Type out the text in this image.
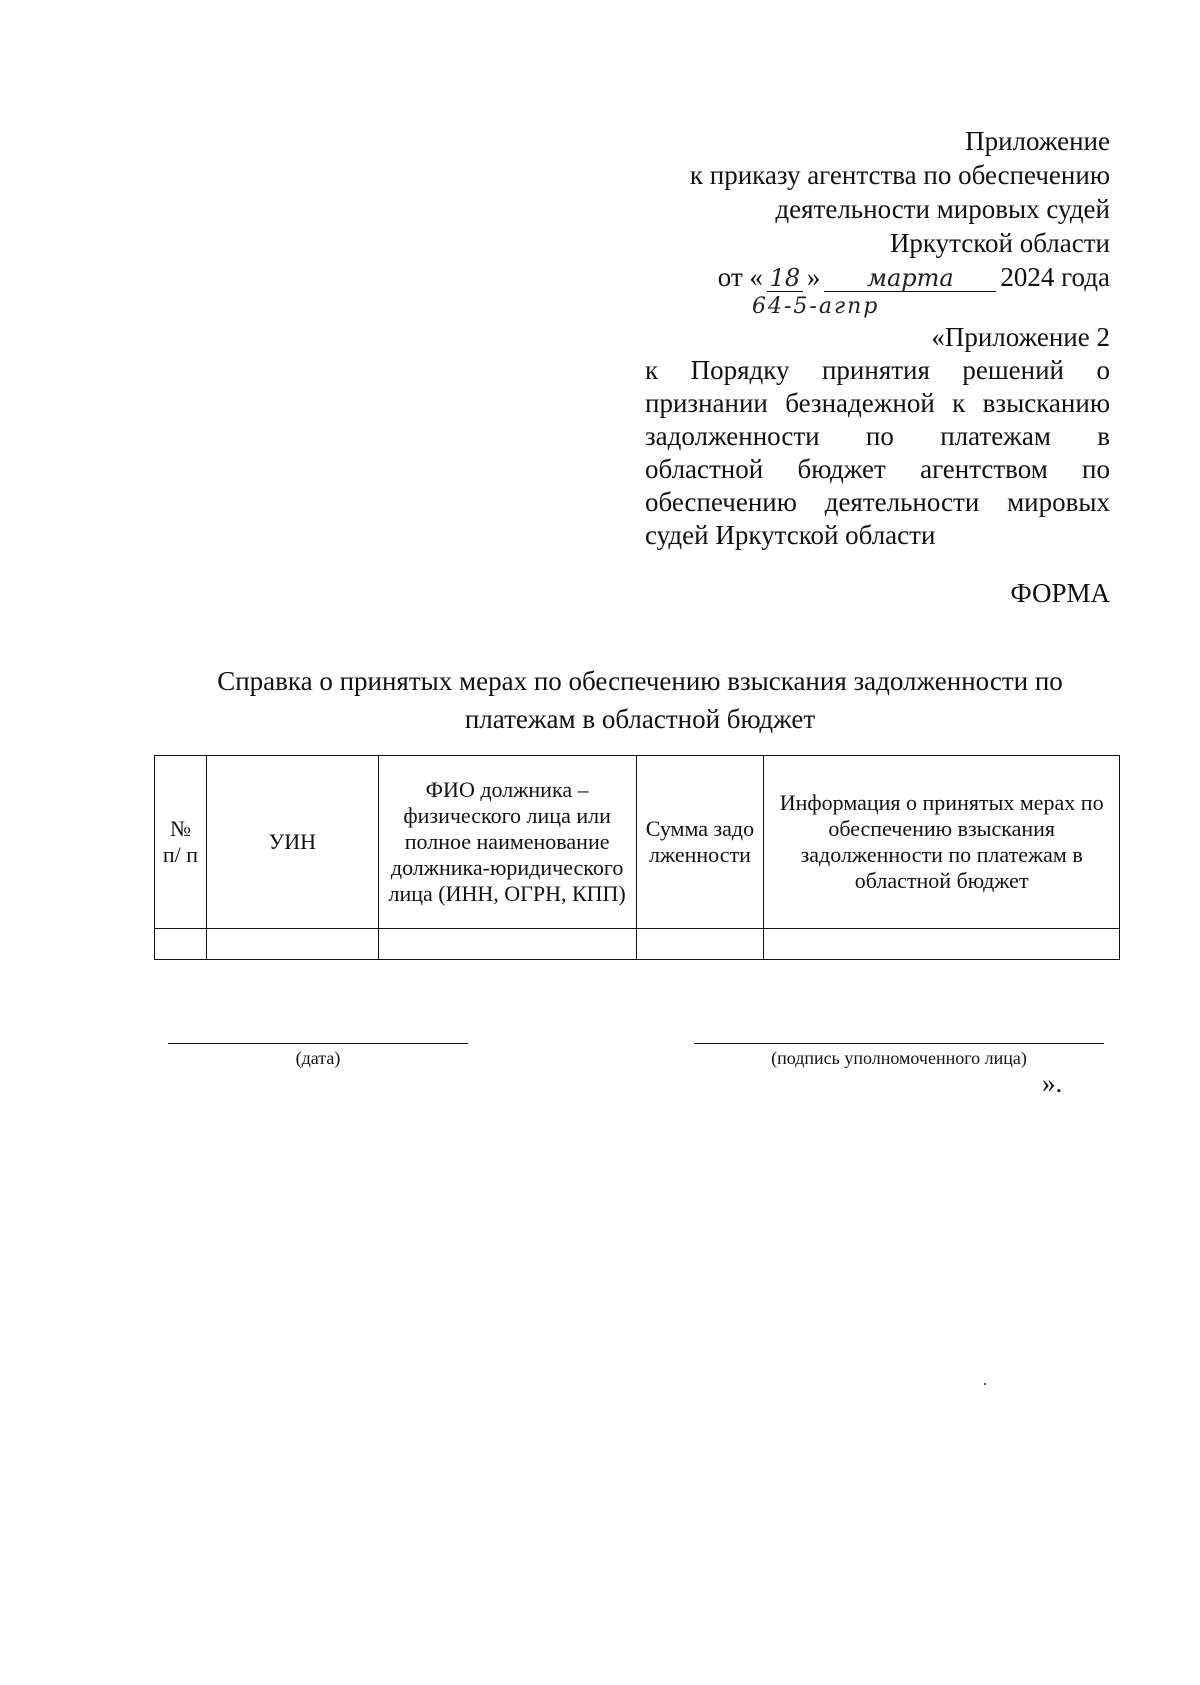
Приложение
к приказу агентства по обеспечению
деятельности мировых судей
Иркутской области
от « 18 »	марта	2024 года
64-5-агпр
«Приложение 2
к Порядку принятия решений о признании безнадежной к взысканию задолженности по платежам в областной бюджет агентством по обеспечению деятельности мировых судей Иркутской области
ФОРМА
Справка о принятых мерах по обеспечению взыскания задолженности по
платежам в областной бюджет
№ п/ п	УИН	ФИО должника – физического лица или полное наименование должника-юридического лица (ИНН, ОГРН, КПП)	Сумма задолженности	Информация о принятых мерах по обеспечению взыскания задолженности по платежам в областной бюджет

(дата)	(подпись уполномоченного лица)
».
